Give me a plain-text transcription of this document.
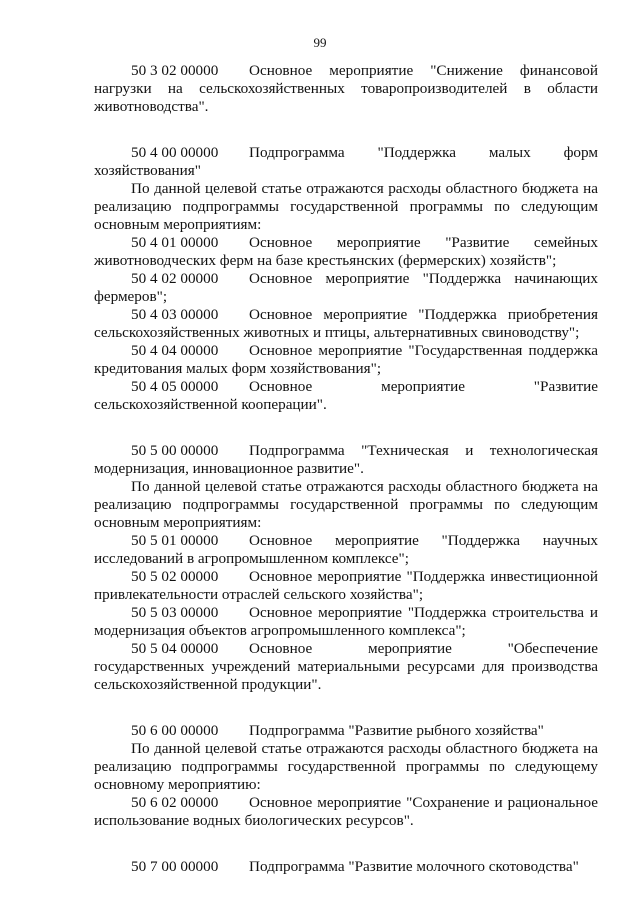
99

50 3 02 00000 Основное мероприятие "Снижение финансовой нагрузки на сельскохозяйственных товаропроизводителей в области животноводства".

50 4 00 00000 Подпрограмма "Поддержка малых форм хозяйствования"

По данной целевой статье отражаются расходы областного бюджета на реализацию подпрограммы государственной программы по следующим основным мероприятиям:

50 4 01 00000 Основное мероприятие "Развитие семейных животноводческих ферм на базе крестьянских (фермерских) хозяйств";

50 4 02 00000 Основное мероприятие "Поддержка начинающих фермеров";

50 4 03 00000 Основное мероприятие "Поддержка приобретения сельскохозяйственных животных и птицы, альтернативных свиноводству";

50 4 04 00000 Основное мероприятие "Государственная поддержка кредитования малых форм хозяйствования";

50 4 05 00000 Основное мероприятие "Развитие сельскохозяйственной кооперации".

50 5 00 00000 Подпрограмма "Техническая и технологическая модернизация, инновационное развитие".

По данной целевой статье отражаются расходы областного бюджета на реализацию подпрограммы государственной программы по следующим основным мероприятиям:

50 5 01 00000 Основное мероприятие "Поддержка научных исследований в агропромышленном комплексе";

50 5 02 00000 Основное мероприятие "Поддержка инвестиционной привлекательности отраслей сельского хозяйства";

50 5 03 00000 Основное мероприятие "Поддержка строительства и модернизация объектов агропромышленного комплекса";

50 5 04 00000 Основное мероприятие "Обеспечение государственных учреждений материальными ресурсами для производства сельскохозяйственной продукции".

50 6 00 00000 Подпрограмма "Развитие рыбного хозяйства"

По данной целевой статье отражаются расходы областного бюджета на реализацию подпрограммы государственной программы по следующему основному мероприятию:

50 6 02 00000 Основное мероприятие "Сохранение и рациональное использование водных биологических ресурсов".

50 7 00 00000 Подпрограмма "Развитие молочного скотоводства"
